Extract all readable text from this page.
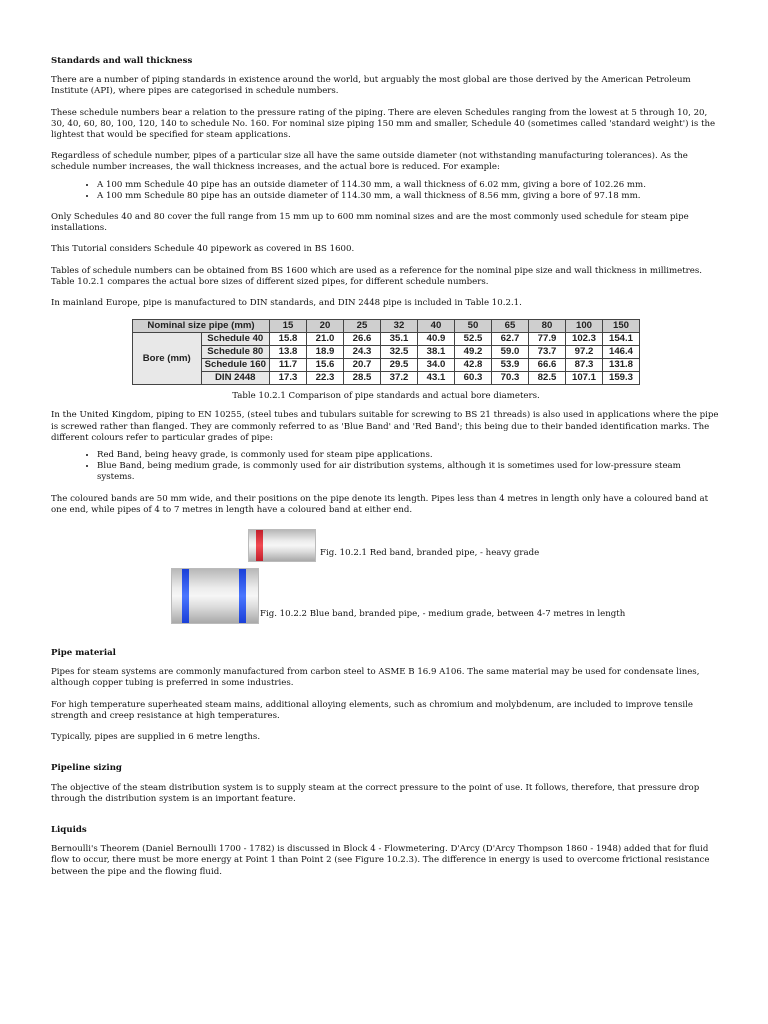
Standards and wall thickness

There are a number of piping standards in existence around the world, but arguably the most global are those derived by the American Petroleum Institute (API), where pipes are categorised in schedule numbers.

These schedule numbers bear a relation to the pressure rating of the piping. There are eleven Schedules ranging from the lowest at 5 through 10, 20, 30, 40, 60, 80, 100, 120, 140 to schedule No. 160. For nominal size piping 150 mm and smaller, Schedule 40 (sometimes called 'standard weight') is the lightest that would be specified for steam applications.

Regardless of schedule number, pipes of a particular size all have the same outside diameter (not withstanding manufacturing tolerances). As the schedule number increases, the wall thickness increases, and the actual bore is reduced. For example:

• A 100 mm Schedule 40 pipe has an outside diameter of 114.30 mm, a wall thickness of 6.02 mm, giving a bore of 102.26 mm.
• A 100 mm Schedule 80 pipe has an outside diameter of 114.30 mm, a wall thickness of 8.56 mm, giving a bore of 97.18 mm.

Only Schedules 40 and 80 cover the full range from 15 mm up to 600 mm nominal sizes and are the most commonly used schedule for steam pipe installations.

This Tutorial considers Schedule 40 pipework as covered in BS 1600.

Tables of schedule numbers can be obtained from BS 1600 which are used as a reference for the nominal pipe size and wall thickness in millimetres. Table 10.2.1 compares the actual bore sizes of different sized pipes, for different schedule numbers.

In mainland Europe, pipe is manufactured to DIN standards, and DIN 2448 pipe is included in Table 10.2.1.

Nominal size pipe (mm)		15	20	25	32	40	50	65	80	100	150
Bore (mm)	Schedule 40	15.8	21.0	26.6	35.1	40.9	52.5	62.7	77.9	102.3	154.1
	Schedule 80	13.8	18.9	24.3	32.5	38.1	49.2	59.0	73.7	97.2	146.4
	Schedule 160	11.7	15.6	20.7	29.5	34.0	42.8	53.9	66.6	87.3	131.8
	DIN 2448	17.3	22.3	28.5	37.2	43.1	60.3	70.3	82.5	107.1	159.3
Table 10.2.1 Comparison of pipe standards and actual bore diameters.

In the United Kingdom, piping to EN 10255, (steel tubes and tubulars suitable for screwing to BS 21 threads) is also used in applications where the pipe is screwed rather than flanged. They are commonly referred to as 'Blue Band' and 'Red Band'; this being due to their banded identification marks. The different colours refer to particular grades of pipe:

• Red Band, being heavy grade, is commonly used for steam pipe applications.
• Blue Band, being medium grade, is commonly used for air distribution systems, although it is sometimes used for low-pressure steam systems.

The coloured bands are 50 mm wide, and their positions on the pipe denote its length. Pipes less than 4 metres in length only have a coloured band at one end, while pipes of 4 to 7 metres in length have a coloured band at either end.

Fig. 10.2.1 Red band, branded pipe, - heavy grade
Fig. 10.2.2 Blue band, branded pipe, - medium grade, between 4-7 metres in length
Pipe material

Pipes for steam systems are commonly manufactured from carbon steel to ASME B 16.9 A106. The same material may be used for condensate lines, although copper tubing is preferred in some industries.

For high temperature superheated steam mains, additional alloying elements, such as chromium and molybdenum, are included to improve tensile strength and creep resistance at high temperatures.

Typically, pipes are supplied in 6 metre lengths.

Pipeline sizing

The objective of the steam distribution system is to supply steam at the correct pressure to the point of use. It follows, therefore, that pressure drop through the distribution system is an important feature.

Liquids

Bernoulli's Theorem (Daniel Bernoulli 1700 - 1782) is discussed in Block 4 - Flowmetering. D'Arcy (D'Arcy Thompson 1860 - 1948) added that for fluid flow to occur, there must be more energy at Point 1 than Point 2 (see Figure 10.2.3). The difference in energy is used to overcome frictional resistance between the pipe and the flowing fluid.
